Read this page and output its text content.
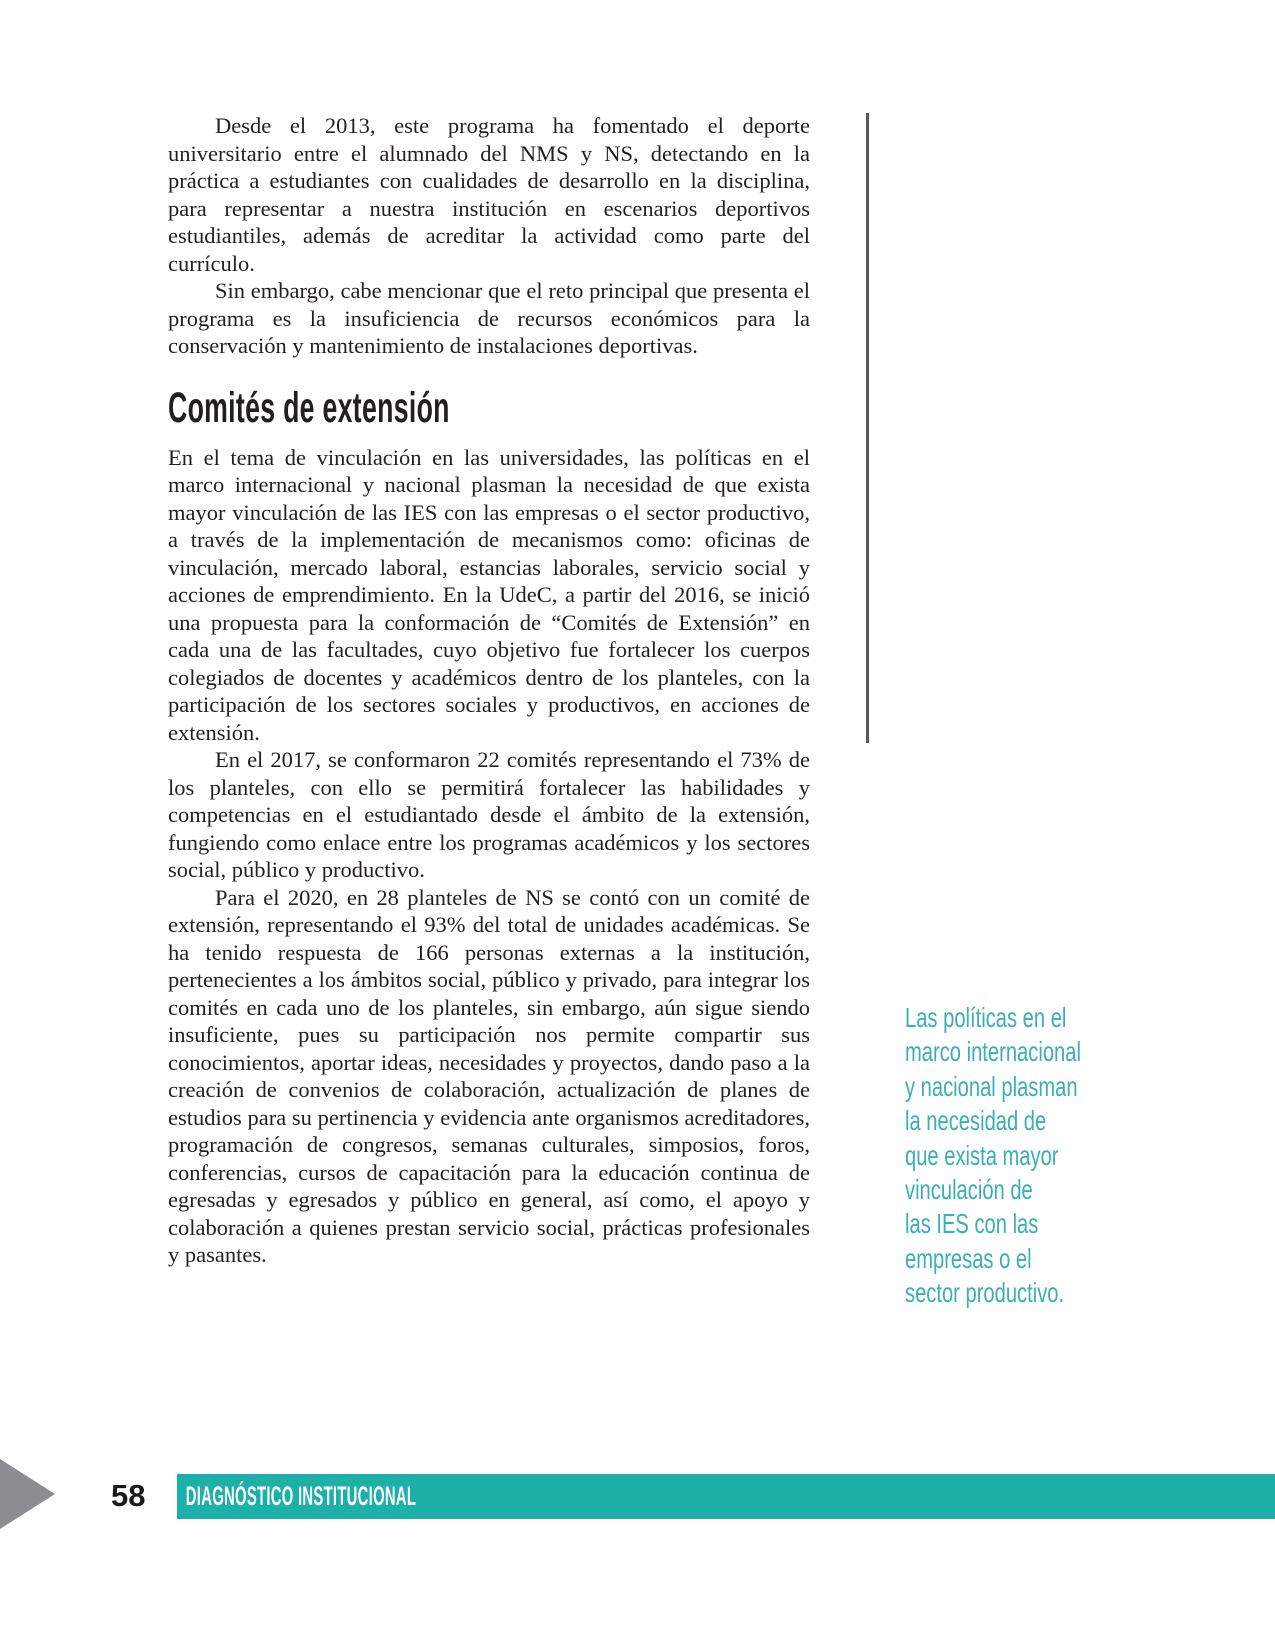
Desde el 2013, este programa ha fomentado el deporte universitario entre el alumnado del NMS y NS, detectando en la práctica a estudiantes con cualidades de desarrollo en la disciplina, para representar a nuestra institución en escenarios deportivos estudiantiles, además de acreditar la actividad como parte del currículo.

Sin embargo, cabe mencionar que el reto principal que presenta el programa es la insuficiencia de recursos económicos para la conservación y mantenimiento de instalaciones deportivas.

Comités de extensión

En el tema de vinculación en las universidades, las políticas en el marco internacional y nacional plasman la necesidad de que exista mayor vinculación de las IES con las empresas o el sector productivo, a través de la implementación de mecanismos como: oficinas de vinculación, mercado laboral, estancias laborales, servicio social y acciones de emprendimiento. En la UdeC, a partir del 2016, se inició una propuesta para la conformación de “Comités de Extensión” en cada una de las facultades, cuyo objetivo fue fortalecer los cuerpos colegiados de docentes y académicos dentro de los planteles, con la participación de los sectores sociales y productivos, en acciones de extensión.

En el 2017, se conformaron 22 comités representando el 73% de los planteles, con ello se permitirá fortalecer las habilidades y competencias en el estudiantado desde el ámbito de la extensión, fungiendo como enlace entre los programas académicos y los sectores social, público y productivo.

Para el 2020, en 28 planteles de NS se contó con un comité de extensión, representando el 93% del total de unidades académicas. Se ha tenido respuesta de 166 personas externas a la institución, pertenecientes a los ámbitos social, público y privado, para integrar los comités en cada uno de los planteles, sin embargo, aún sigue siendo insuficiente, pues su participación nos permite compartir sus conocimientos, aportar ideas, necesidades y proyectos, dando paso a la creación de convenios de colaboración, actualización de planes de estudios para su pertinencia y evidencia ante organismos acreditadores, programación de congresos, semanas culturales, simposios, foros, conferencias, cursos de capacitación para la educación continua de egresadas y egresados y público en general, así como, el apoyo y colaboración a quienes prestan servicio social, prácticas profesionales y pasantes.

Las políticas en el
marco internacional
y nacional plasman
la necesidad de
que exista mayor
vinculación de
las IES con las
empresas o el
sector productivo.
58	DIAGNÓSTICO INSTITUCIONAL
